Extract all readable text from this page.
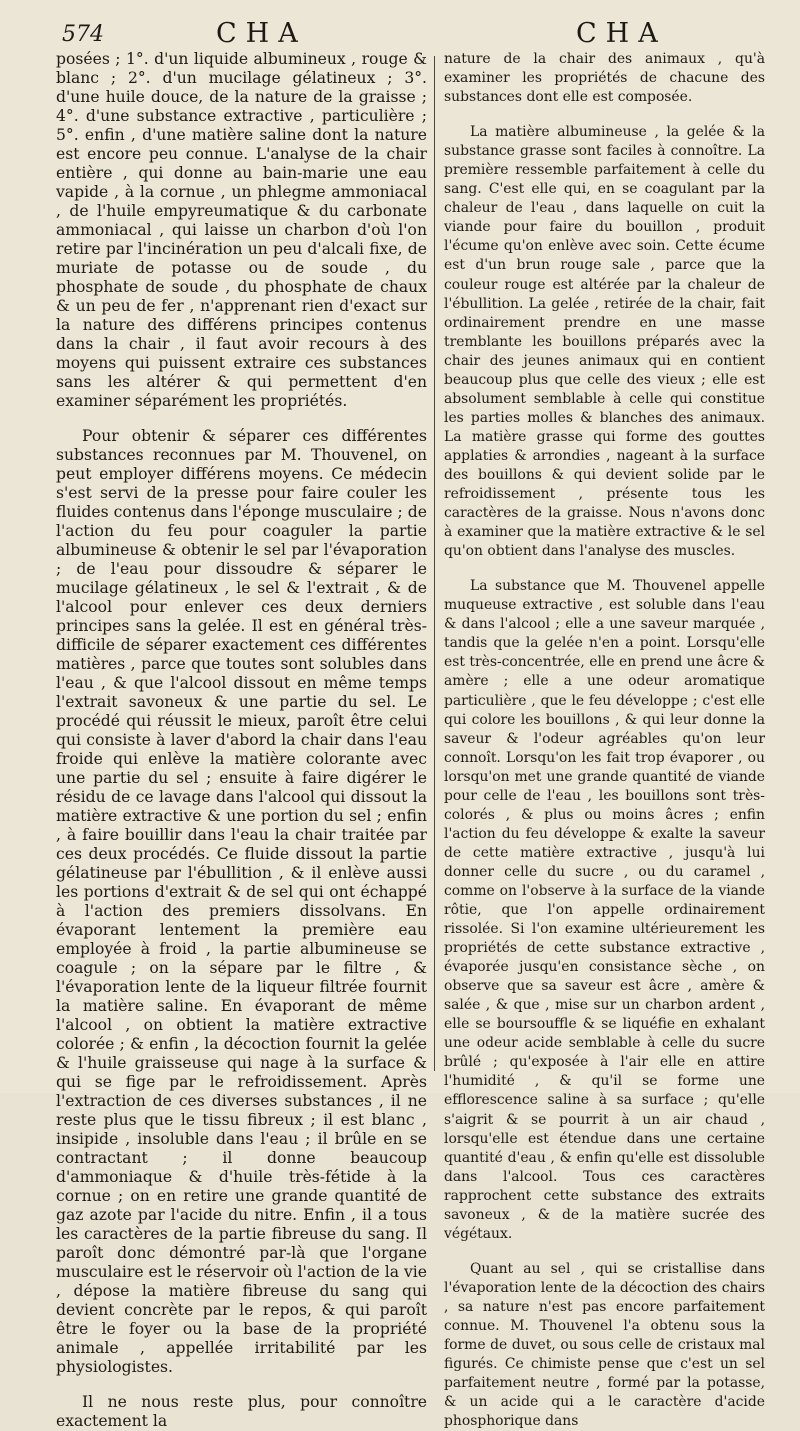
574	CHA	CHA

posées ; 1°. d'un liquide albumineux , rouge & blanc ; 2°. d'un mucilage gélatineux ; 3°. d'une huile douce, de la nature de la graisse ; 4°. d'une substance extractive , particulière ; 5°. enfin , d'une matière saline dont la nature est encore peu connue. L'analyse de la chair entière , qui donne au bain-marie une eau vapide , à la cornue , un phlegme ammoniacal , de l'huile empyreumatique & du carbonate ammoniacal , qui laisse un charbon d'où l'on retire par l'incinération un peu d'alcali fixe, de muriate de potasse ou de soude , du phosphate de soude , du phosphate de chaux & un peu de fer , n'apprenant rien d'exact sur la nature des différens principes contenus dans la chair , il faut avoir recours à des moyens qui puissent extraire ces substances sans les altérer & qui permettent d'en examiner séparément les propriétés.

Pour obtenir & séparer ces différentes substances reconnues par M. Thouvenel, on peut employer différens moyens. Ce médecin s'est servi de la presse pour faire couler les fluides contenus dans l'éponge musculaire ; de l'action du feu pour coaguler la partie albumineuse & obtenir le sel par l'évaporation ; de l'eau pour dissoudre & séparer le mucilage gélatineux , le sel & l'extrait , & de l'alcool pour enlever ces deux derniers principes sans la gelée. Il est en général très-difficile de séparer exactement ces différentes matières , parce que toutes sont solubles dans l'eau , & que l'alcool dissout en même temps l'extrait savoneux & une partie du sel. Le procédé qui réussit le mieux, paroît être celui qui consiste à laver d'abord la chair dans l'eau froide qui enlève la matière colorante avec une partie du sel ; ensuite à faire digérer le résidu de ce lavage dans l'alcool qui dissout la matière extractive & une portion du sel ; enfin , à faire bouillir dans l'eau la chair traitée par ces deux procédés. Ce fluide dissout la partie gélatineuse par l'ébullition , & il enlève aussi les portions d'extrait & de sel qui ont échappé à l'action des premiers dissolvans. En évaporant lentement la première eau employée à froid , la partie albumineuse se coagule ; on la sépare par le filtre , & l'évaporation lente de la liqueur filtrée fournit la matière saline. En évaporant de même l'alcool , on obtient la matière extractive colorée ; & enfin , la décoction fournit la gelée & l'huile graisseuse qui nage à la surface & qui se fige par le refroidissement. Après l'extraction de ces diverses substances , il ne reste plus que le tissu fibreux ; il est blanc , insipide , insoluble dans l'eau ; il brûle en se contractant ; il donne beaucoup d'ammoniaque & d'huile très-fétide à la cornue ; on en retire une grande quantité de gaz azote par l'acide du nitre. Enfin , il a tous les caractères de la partie fibreuse du sang. Il paroît donc démontré par-là que l'organe musculaire est le réservoir où l'action de la vie , dépose la matière fibreuse du sang qui devient concrète par le repos, & qui paroît être le foyer ou la base de la propriété animale , appellée irritabilité par les physiologistes.

Il ne nous reste plus, pour connoître exactement la

nature de la chair des animaux , qu'à examiner les propriétés de chacune des substances dont elle est composée.

La matière albumineuse , la gelée & la substance grasse sont faciles à connoître. La première ressemble parfaitement à celle du sang. C'est elle qui, en se coagulant par la chaleur de l'eau , dans laquelle on cuit la viande pour faire du bouillon , produit l'écume qu'on enlève avec soin. Cette écume est d'un brun rouge sale , parce que la couleur rouge est altérée par la chaleur de l'ébullition. La gelée , retirée de la chair, fait ordinairement prendre en une masse tremblante les bouillons préparés avec la chair des jeunes animaux qui en contient beaucoup plus que celle des vieux ; elle est absolument semblable à celle qui constitue les parties molles & blanches des animaux. La matière grasse qui forme des gouttes applaties & arrondies , nageant à la surface des bouillons & qui devient solide par le refroidissement , présente tous les caractères de la graisse. Nous n'avons donc à examiner que la matière extractive & le sel qu'on obtient dans l'analyse des muscles.

La substance que M. Thouvenel appelle muqueuse extractive , est soluble dans l'eau & dans l'alcool ; elle a une saveur marquée , tandis que la gelée n'en a point. Lorsqu'elle est très-concentrée, elle en prend une âcre & amère ; elle a une odeur aromatique particulière , que le feu développe ; c'est elle qui colore les bouillons , & qui leur donne la saveur & l'odeur agréables qu'on leur connoît. Lorsqu'on les fait trop évaporer , ou lorsqu'on met une grande quantité de viande pour celle de l'eau , les bouillons sont très-colorés , & plus ou moins âcres ; enfin l'action du feu développe & exalte la saveur de cette matière extractive , jusqu'à lui donner celle du sucre , ou du caramel , comme on l'observe à la surface de la viande rôtie, que l'on appelle ordinairement rissolée. Si l'on examine ultérieurement les propriétés de cette substance extractive , évaporée jusqu'en consistance sèche , on observe que sa saveur est âcre , amère & salée , & que , mise sur un charbon ardent , elle se boursouffle & se liquéfie en exhalant une odeur acide semblable à celle du sucre brûlé ; qu'exposée à l'air elle en attire l'humidité , & qu'il se forme une efflorescence saline à sa surface ; qu'elle s'aigrit & se pourrit à un air chaud , lorsqu'elle est étendue dans une certaine quantité d'eau , & enfin qu'elle est dissoluble dans l'alcool. Tous ces caractères rapprochent cette substance des extraits savoneux , & de la matière sucrée des végétaux.

Quant au sel , qui se cristallise dans l'évaporation lente de la décoction des chairs , sa nature n'est pas encore parfaitement connue. M. Thouvenel l'a obtenu sous la forme de duvet, ou sous celle de cristaux mal figurés. Ce chimiste pense que c'est un sel parfaitement neutre , formé par la potasse, & un acide qui a le caractère d'acide phosphorique dans
